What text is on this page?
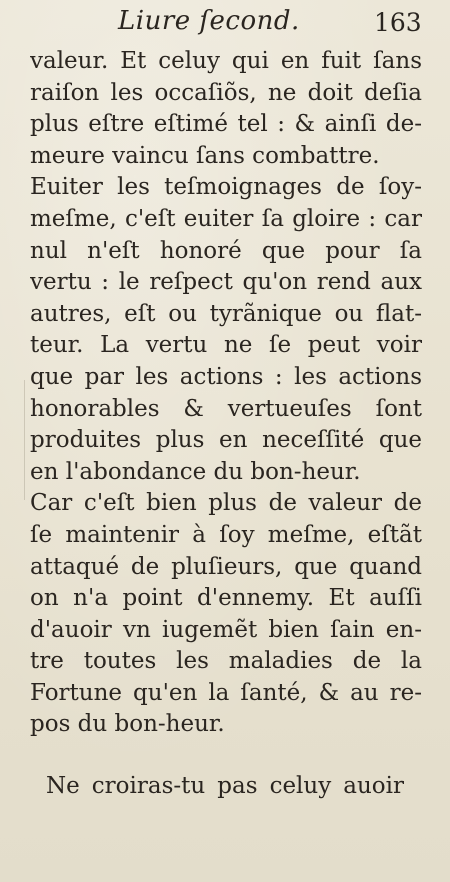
Liure ſecond.	163
valeur. Et celuy qui en fuit ſans
raiſon les occaſiõs, ne doit deſia
plus eſtre eſtimé tel : & ainſi de-
meure vaincu ſans combattre.
Euiter les teſmoignages de ſoy-
meſme, c'eſt euiter ſa gloire : car
nul n'eſt honoré que pour ſa
vertu : le reſpect qu'on rend aux
autres, eſt ou tyrãnique ou flat-
teur. La vertu ne ſe peut voir
que par les actions : les actions
honorables & vertueuſes ſont
produites plus en neceſſité que
en l'abondance du bon-heur.
Car c'eſt bien plus de valeur de
ſe maintenir à ſoy meſme, eſtãt
attaqué de pluſieurs, que quand
on n'a point d'ennemy. Et auſſi
d'auoir vn iugemẽt bien ſain en-
tre toutes les maladies de la
Fortune qu'en la ſanté, & au re-
pos du bon-heur.
Ne croiras-tu pas celuy auoir
